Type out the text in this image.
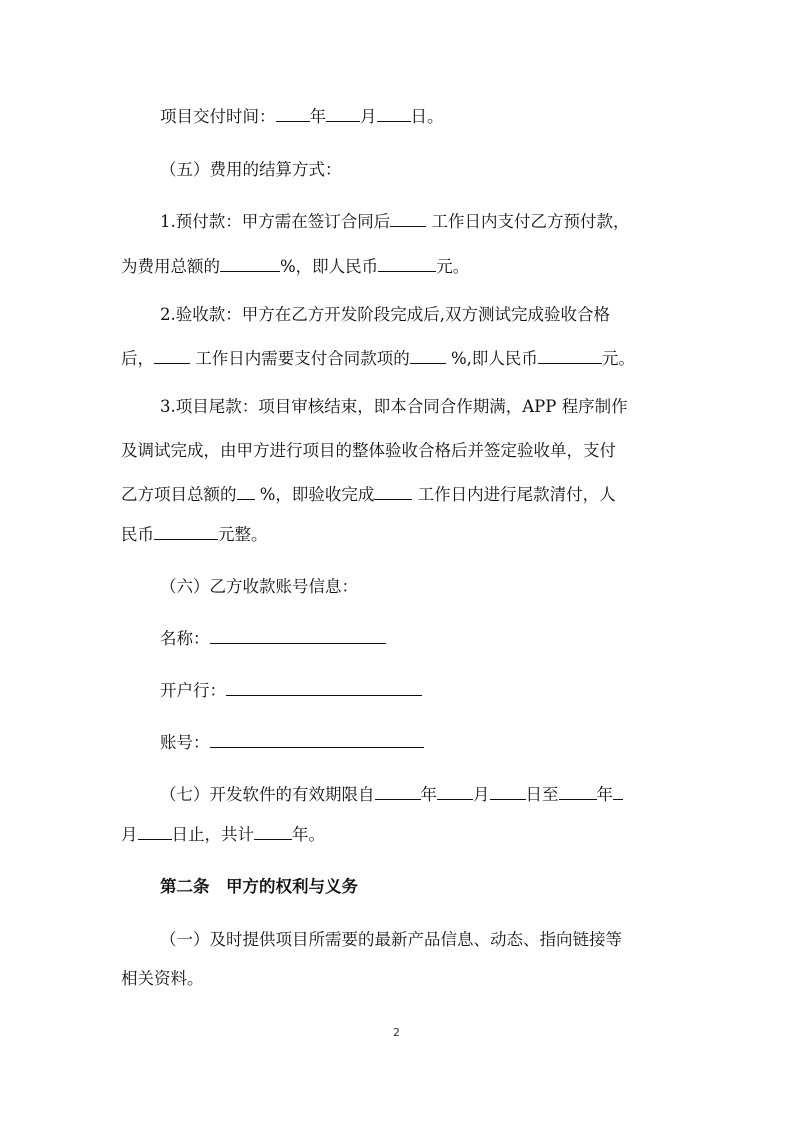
项目交付时间： 年 月 日。
（五）费用的结算方式：
1.预付款：甲方需在签订合同后 工作日内支付乙方预付款，
为费用总额的	%，即人民币	元。
2.验收款：甲方在乙方开发阶段完成后,双方测试完成验收合格
后， 工作日内需要支付合同款项的 %,即人民币	元。
3.项目尾款：项目审核结束，即本合同合作期满，APP 程序制作
及调试完成，由甲方进行项目的整体验收合格后并签定验收单，支付
乙方项目总额的 %，即验收完成 工作日内进行尾款清付，人
民币	元整。
（六）乙方收款账号信息：
名称：
开户行：
账号：
（七）开发软件的有效期限自	年 月 日至 年
月 日止，共计 年。
第二条　甲方的权利与义务
（一）及时提供项目所需要的最新产品信息、动态、指向链接等
相关资料。
2
